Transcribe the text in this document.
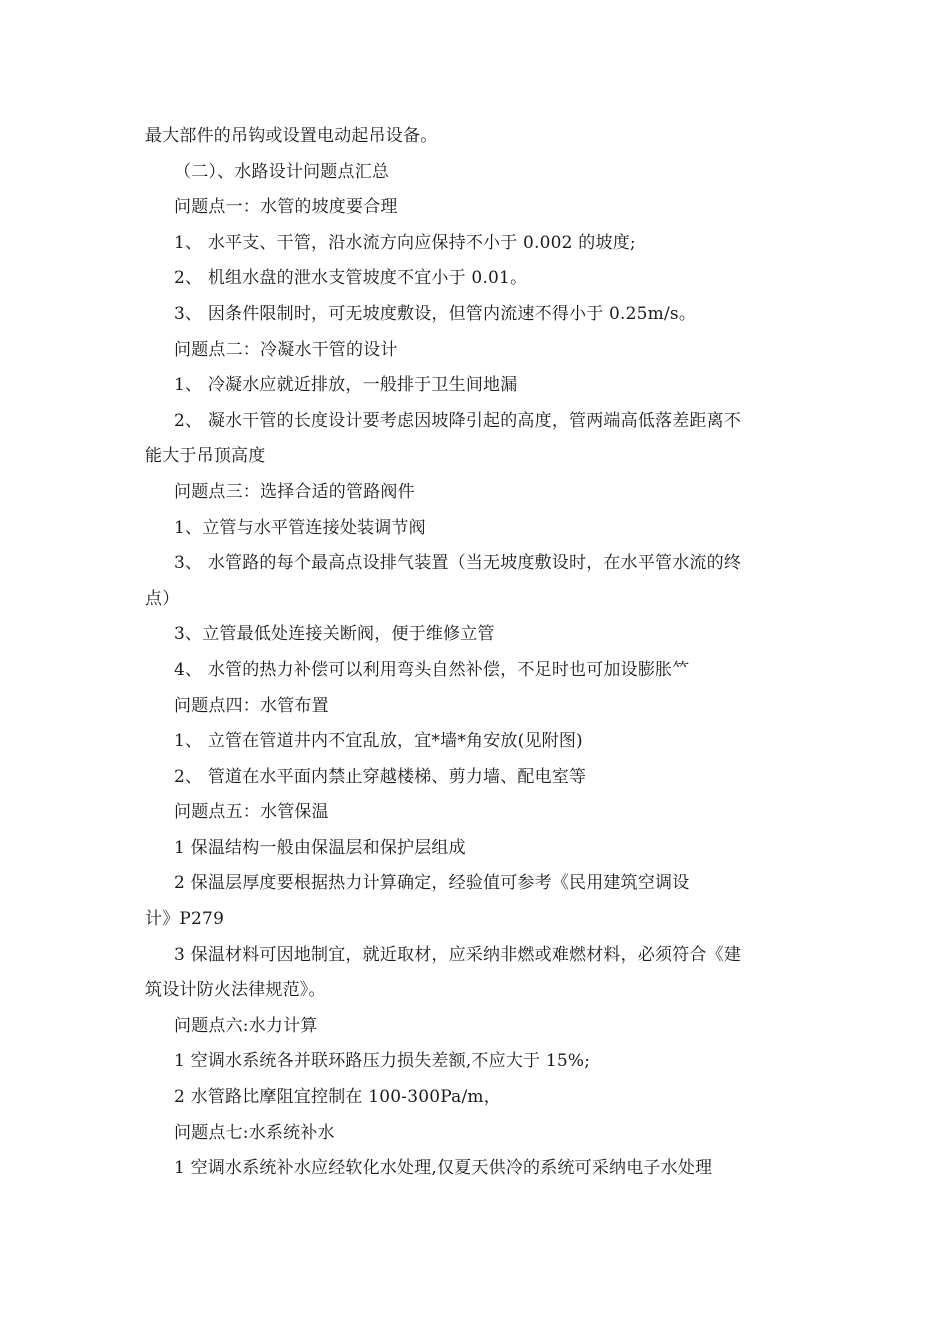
最大部件的吊钩或设置电动起吊设备。
（二）、水路设计问题点汇总
问题点一：水管的坡度要合理
1、 水平支、干管，沿水流方向应保持不小于 0.002 的坡度;
2、 机组水盘的泄水支管坡度不宜小于 0.01。
3、 因条件限制时，可无坡度敷设，但管内流速不得小于 0.25m/s。
问题点二：冷凝水干管的设计
1、 冷凝水应就近排放，一般排于卫生间地漏
2、 凝水干管的长度设计要考虑因坡降引起的高度，管两端高低落差距离不
能大于吊顶高度
问题点三：选择合适的管路阀件
1、立管与水平管连接处装调节阀
3、 水管路的每个最高点设排气装置（当无坡度敷设时，在水平管水流的终
点）
3、立管最低处连接关断阀，便于维修立管
4、 水管的热力补偿可以利用弯头自然补偿，不足时也可加设膨胀𥫗
问题点四：水管布置
1、 立管在管道井内不宜乱放，宜*墙*角安放(见附图)
2、 管道在水平面内禁止穿越楼梯、剪力墙、配电室等
问题点五：水管保温
1 保温结构一般由保温层和保护层组成
2 保温层厚度要根据热力计算确定，经验值可参考《民用建筑空调设
计》P279
3 保温材料可因地制宜，就近取材，应采纳非燃或难燃材料，必须符合《建
筑设计防火法律规范》。
问题点六:水力计算
1 空调水系统各并联环路压力损失差额,不应大于 15%;
2 水管路比摩阻宜控制在 100-300Pa/m，
问题点七:水系统补水
1 空调水系统补水应经软化水处理,仅夏天供冷的系统可采纳电子水处理
